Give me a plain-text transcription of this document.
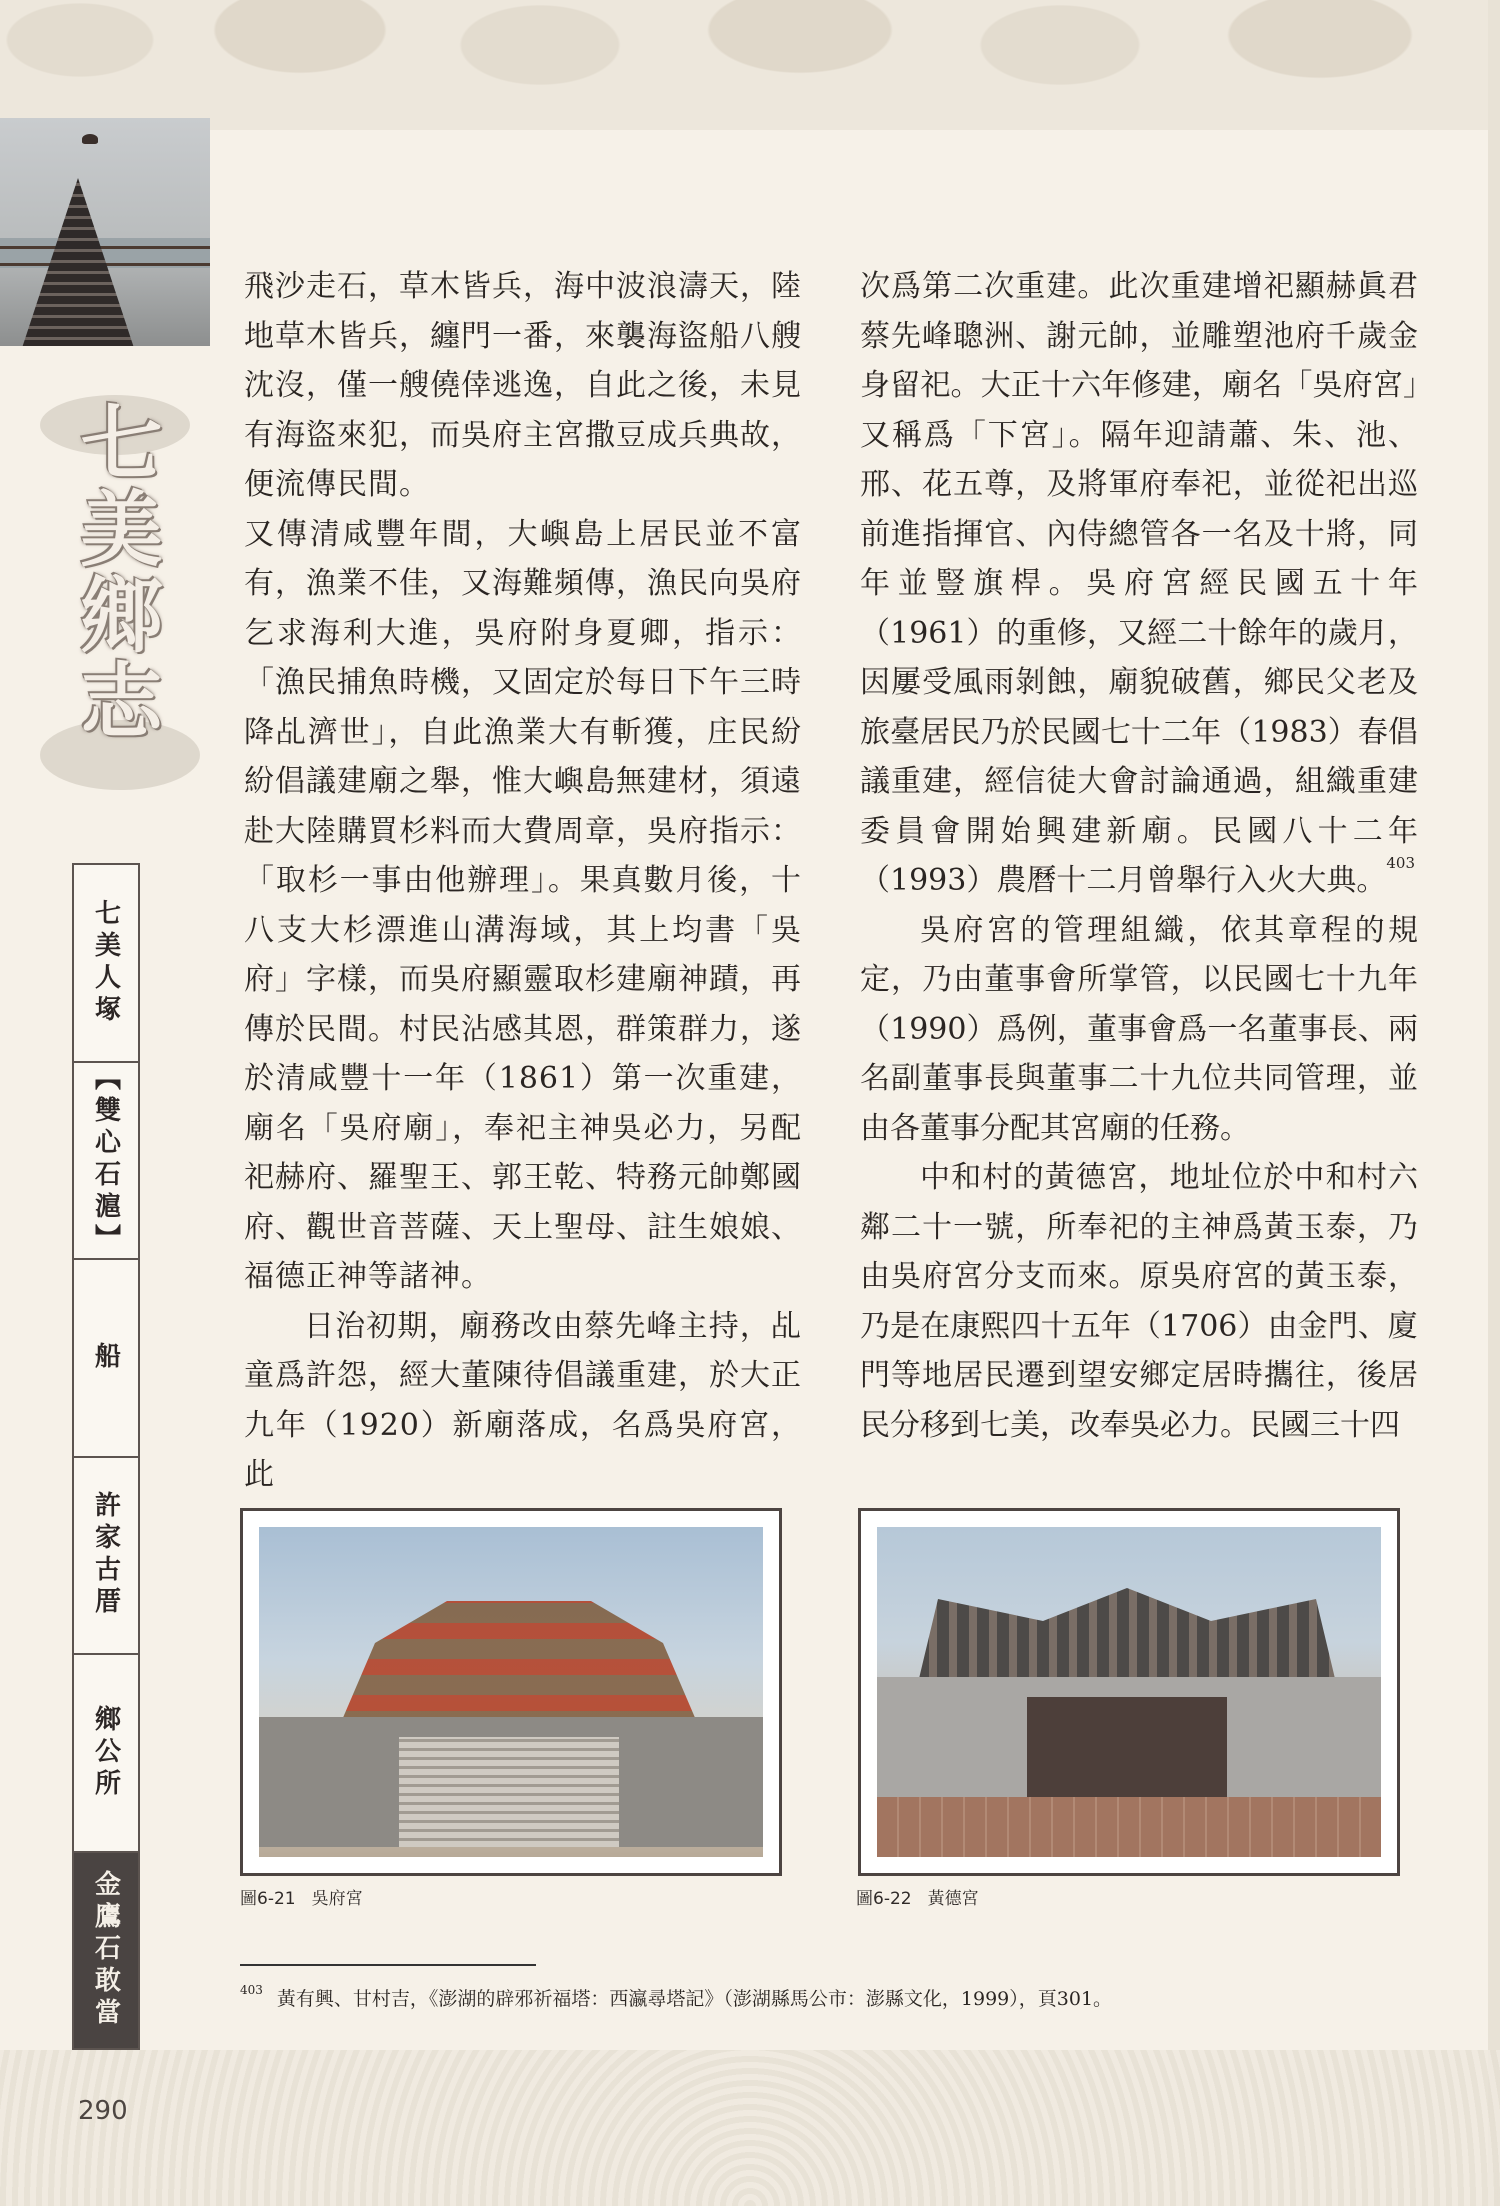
七美鄉志
七美人塚
【雙心石滬】
船
許家古厝
鄉公所
金鷹石敢當

飛沙走石，草木皆兵，海中波浪濤天，陸地草木皆兵，纏門一番，來襲海盜船八艘沈沒，僅一艘僥倖逃逸，自此之後，未見有海盜來犯，而吳府主宮撒豆成兵典故，便流傳民間。

又傳清咸豐年間，大嶼島上居民並不富有，漁業不佳，又海難頻傳，漁民向吳府乞求海利大進，吳府附身夏卿，指示：「漁民捕魚時機，又固定於每日下午三時降乩濟世」，自此漁業大有斬獲，庄民紛紛倡議建廟之舉，惟大嶼島無建材，須遠赴大陸購買杉料而大費周章，吳府指示：「取杉一事由他辦理」。果真數月後，十八支大杉漂進山溝海域，其上均書「吳府」字樣，而吳府顯靈取杉建廟神蹟，再傳於民間。村民沾感其恩，群策群力，遂於清咸豐十一年（1861）第一次重建，廟名「吳府廟」，奉祀主神吳必力，另配祀赫府、羅聖王、郭王乾、特務元帥鄭國府、觀世音菩薩、天上聖母、註生娘娘、福德正神等諸神。

日治初期，廟務改由蔡先峰主持，乩童爲許怨，經大董陳待倡議重建，於大正九年（1920）新廟落成，名爲吳府宮，此

次爲第二次重建。此次重建增祀顯赫眞君蔡先峰聰洲、謝元帥，並雕塑池府千歲金身留祀。大正十六年修建，廟名「吳府宮」又稱爲「下宮」。隔年迎請蕭、朱、池、邢、花五尊，及將軍府奉祀，並從祀出巡前進指揮官、內侍總管各一名及十將，同年並豎旗桿。吳府宮經民國五十年（1961）的重修，又經二十餘年的歲月，因屢受風雨剝蝕，廟貌破舊，鄉民父老及旅臺居民乃於民國七十二年（1983）春倡議重建，經信徒大會討論通過，組織重建委員會開始興建新廟。民國八十二年（1993）農曆十二月曾舉行入火大典。$^{403}$

吳府宮的管理組織，依其章程的規定，乃由董事會所掌管，以民國七十九年（1990）爲例，董事會爲一名董事長、兩名副董事長與董事二十九位共同管理，並由各董事分配其宮廟的任務。

中和村的黃德宮，地址位於中和村六鄰二十一號，所奉祀的主神爲黃玉泰，乃由吳府宮分支而來。原吳府宮的黃玉泰，乃是在康熙四十五年（1706）由金門、廈門等地居民遷到望安鄉定居時攜往，後居民分移到七美，改奉吳必力。民國三十四

圖6-21 吳府宮	圖6-22 黃德宮
$^{403}$ 黃有興、甘村吉，《澎湖的辟邪祈福塔：西瀛尋塔記》（澎湖縣馬公市：澎縣文化，1999），頁301。
290
